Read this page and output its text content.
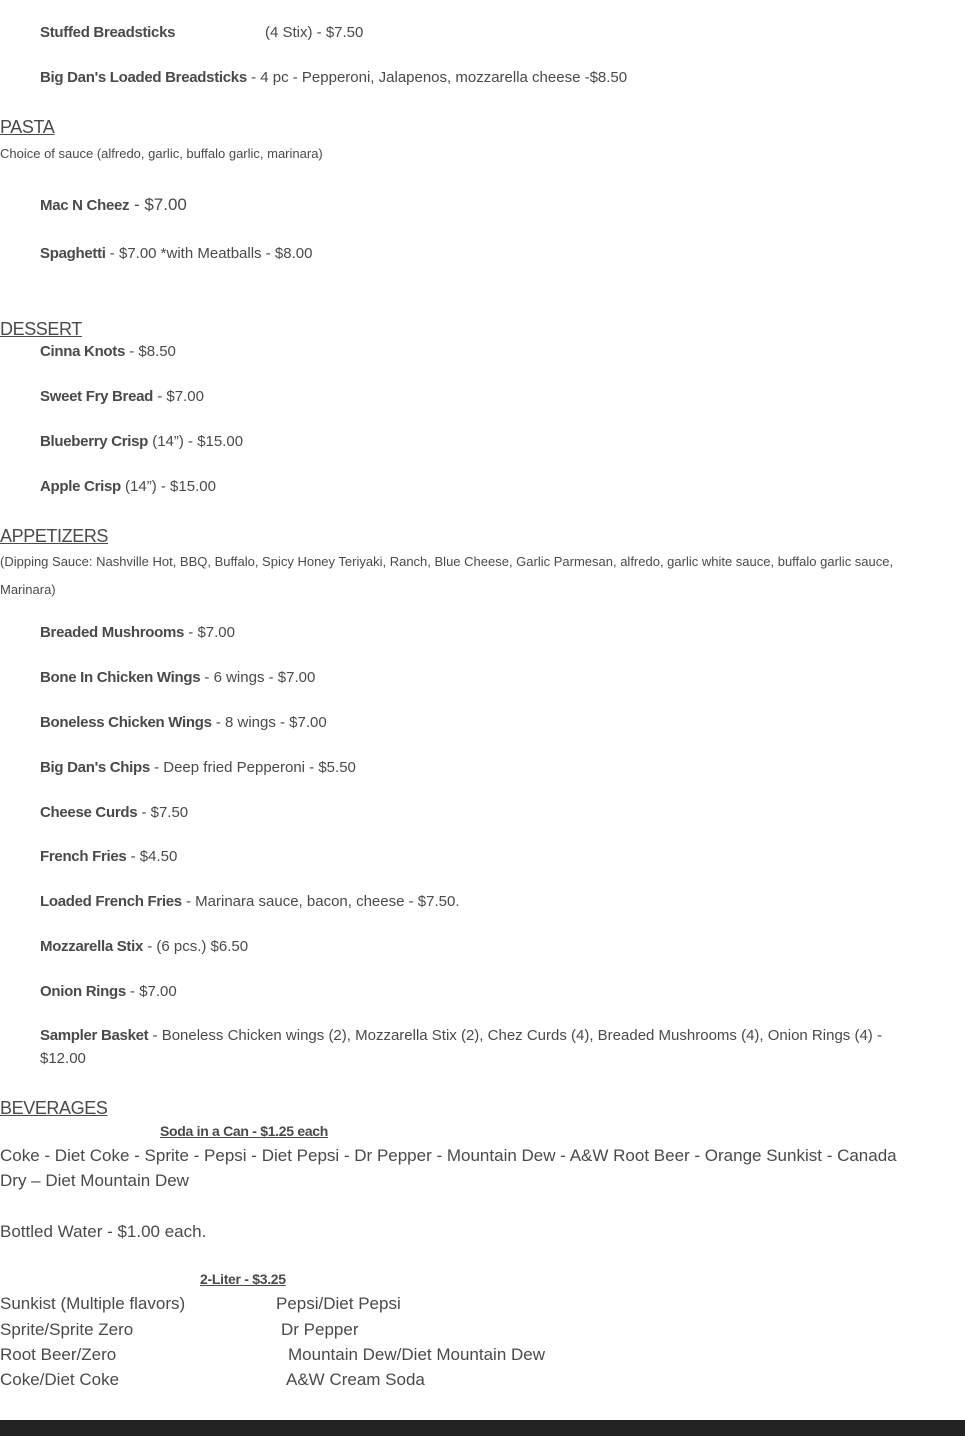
Stuffed Breadsticks	(4 Stix) - $7.50
Big Dan's Loaded Breadsticks - 4 pc - Pepperoni, Jalapenos, mozzarella cheese -$8.50
PASTA
Choice of sauce (alfredo, garlic, buffalo garlic, marinara)
Mac N Cheez - $7.00
Spaghetti - $7.00 *with Meatballs - $8.00
DESSERT
Cinna Knots - $8.50
Sweet Fry Bread - $7.00
Blueberry Crisp (14”) - $15.00
Apple Crisp (14”) - $15.00
APPETIZERS
(Dipping Sauce: Nashville Hot, BBQ, Buffalo, Spicy Honey Teriyaki, Ranch, Blue Cheese, Garlic Parmesan, alfredo, garlic white sauce, buffalo garlic sauce,
Marinara)
Breaded Mushrooms - $7.00
Bone In Chicken Wings - 6 wings - $7.00
Boneless Chicken Wings - 8 wings - $7.00
Big Dan's Chips - Deep fried Pepperoni - $5.50
Cheese Curds - $7.50
French Fries - $4.50
Loaded French Fries - Marinara sauce, bacon, cheese - $7.50.
Mozzarella Stix - (6 pcs.) $6.50
Onion Rings - $7.00
Sampler Basket - Boneless Chicken wings (2), Mozzarella Stix (2), Chez Curds (4), Breaded Mushrooms (4), Onion Rings (4) -
$12.00
BEVERAGES
Soda in a Can - $1.25 each
Coke - Diet Coke - Sprite - Pepsi - Diet Pepsi - Dr Pepper - Mountain Dew - A&W Root Beer - Orange Sunkist - Canada
Dry – Diet Mountain Dew
Bottled Water - $1.00 each.
2-Liter - $3.25
Sunkist (Multiple flavors)	Pepsi/Diet Pepsi
Sprite/Sprite Zero	Dr Pepper
Root Beer/Zero	Mountain Dew/Diet Mountain Dew
Coke/Diet Coke	A&W Cream Soda
